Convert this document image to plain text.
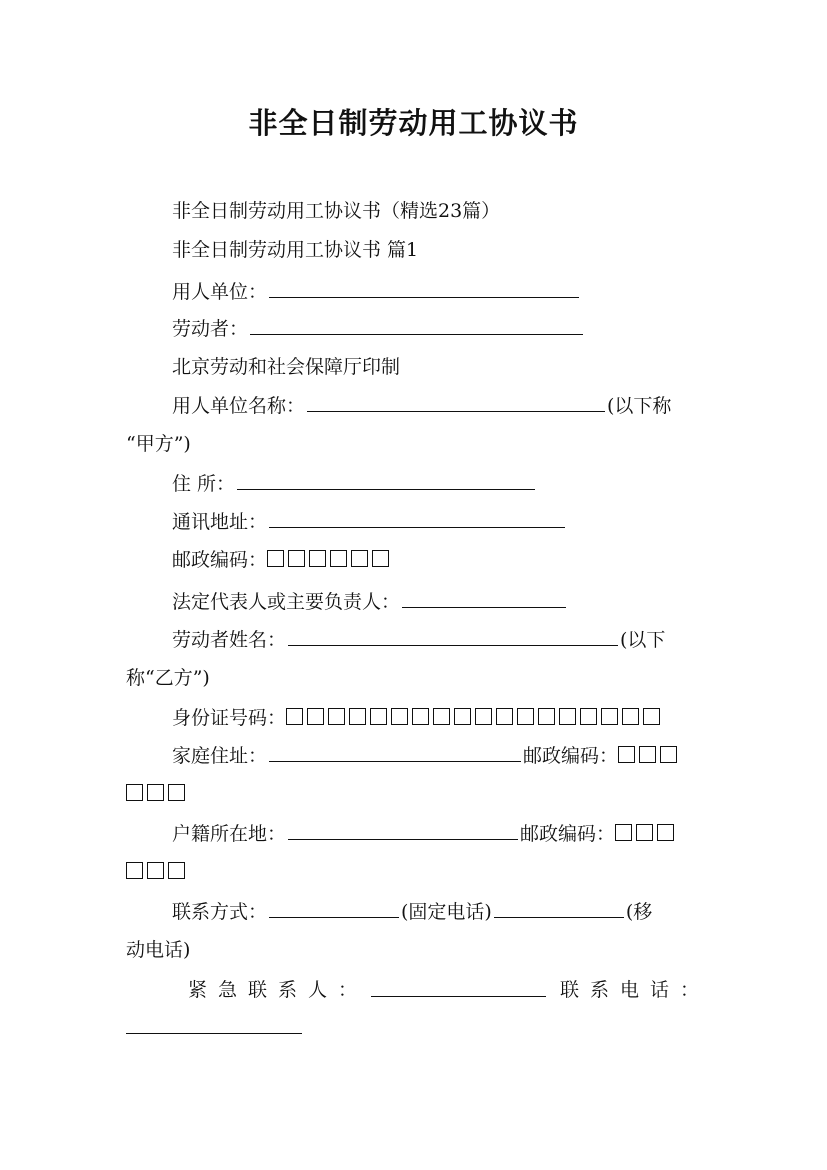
非全日制劳动用工协议书
非全日制劳动用工协议书（精选23篇）
非全日制劳动用工协议书 篇1
用人单位：
劳动者：
北京劳动和社会保障厅印制
用人单位名称：	(以下称
“甲方”)
住 所：
通讯地址：
邮政编码：
法定代表人或主要负责人：
劳动者姓名：	(以下
称“乙方”)
身份证号码：
家庭住址：	邮政编码：
户籍所在地：	邮政编码：
联系方式：	(固定电话)	(移
动电话)
紧 急 联 系 人 ：	联 系 电 话 ：
